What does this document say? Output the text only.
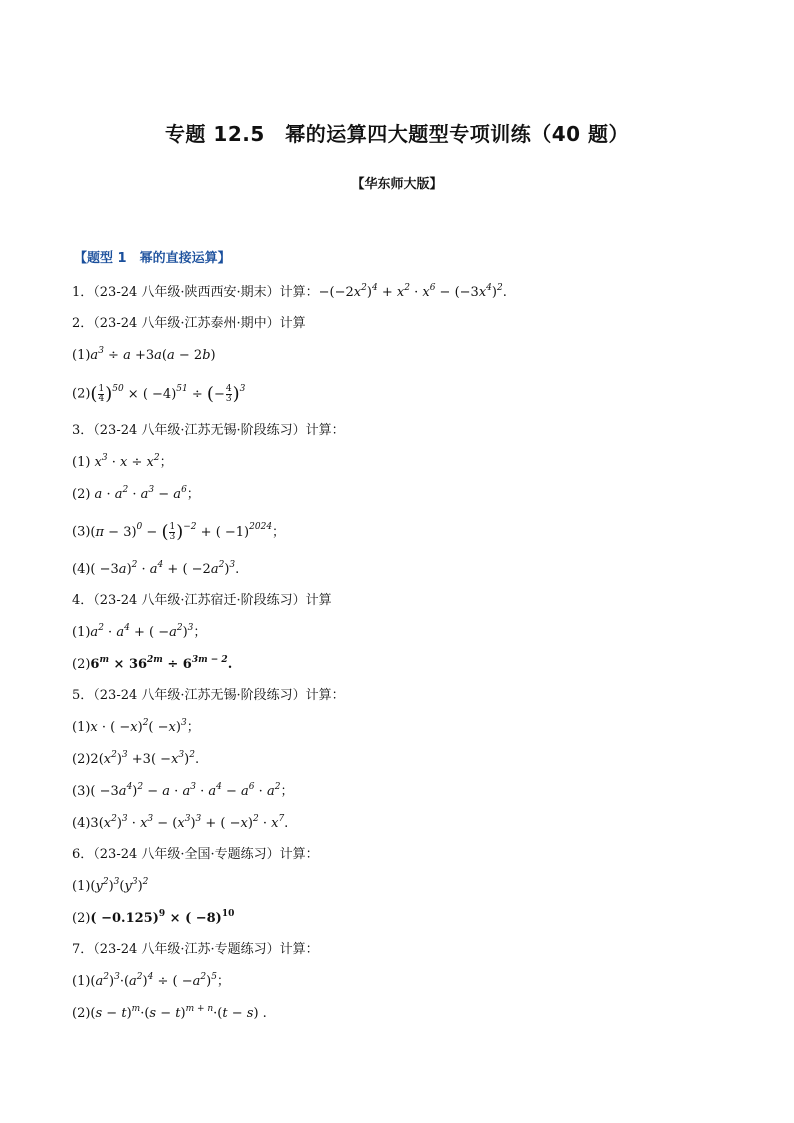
专题 12.5　幂的运算四大题型专项训练（40 题）
【华东师大版】
【题型 1　幂的直接运算】
1．（23-24 八年级·陕西西安·期末）计算：$-(-2x^2)^4 + x^2 \cdot x^6 - (-3x^4)^2$.
2．（23-24 八年级·江苏泰州·期中）计算
$(1)a^3 \div a +3a(a - 2b)$
$(2)( \frac{1}{4} )^{50}$ × ( −4)$^{51}$ ÷ (− $\frac{4}{3} )^3$
3．（23-24 八年级·江苏无锡·阶段练习）计算：
(1) $x^3 \cdot x \div x^2$；
(2) $a \cdot a^2 \cdot a^3 - a^6$；
$(3)(\pi - 3)^0$ − ( $\frac{1}{3} )^{-2}$ + ( −1)$^{2024}$；
$(4)( -3a)^2 \cdot a^4$ + ( $-2a^2)^3$.
4．（23-24 八年级·江苏宿迁·阶段练习）计算
$(1)a^2 \cdot a^4$ + ( $-a^2)^3$；
$(2)6^m \times 36^{2m} \div 6^{3m - 2}$.
5．（23-24 八年级·江苏无锡·阶段练习）计算：
(1)x · ( $-x)^2( -x)^3$；
$(2)2(x^2)^3 +3( -x^3)^2$.
$(3)( -3a^4)^2 - a \cdot a^3 \cdot a^4 - a^6 \cdot a^2$；
$(4)3(x^2)^3 \cdot x^3 - (x^3)^3$ + ( $-x)^2 \cdot x^7$.
6．（23-24 八年级·全国·专题练习）计算：
$(1)(y^2)^3(y^3)^2$
$(2)( -0.125)^9$ × ( −8)$^{10}$
7．（23-24 八年级·江苏·专题练习）计算：
$(1)(a^2)^3\cdot(a^2)^4$ ÷ ( $-a^2)^5$；
$(2)(s - t)^m\cdot(s - t)^{m + n}\cdot(t - s)$ .
